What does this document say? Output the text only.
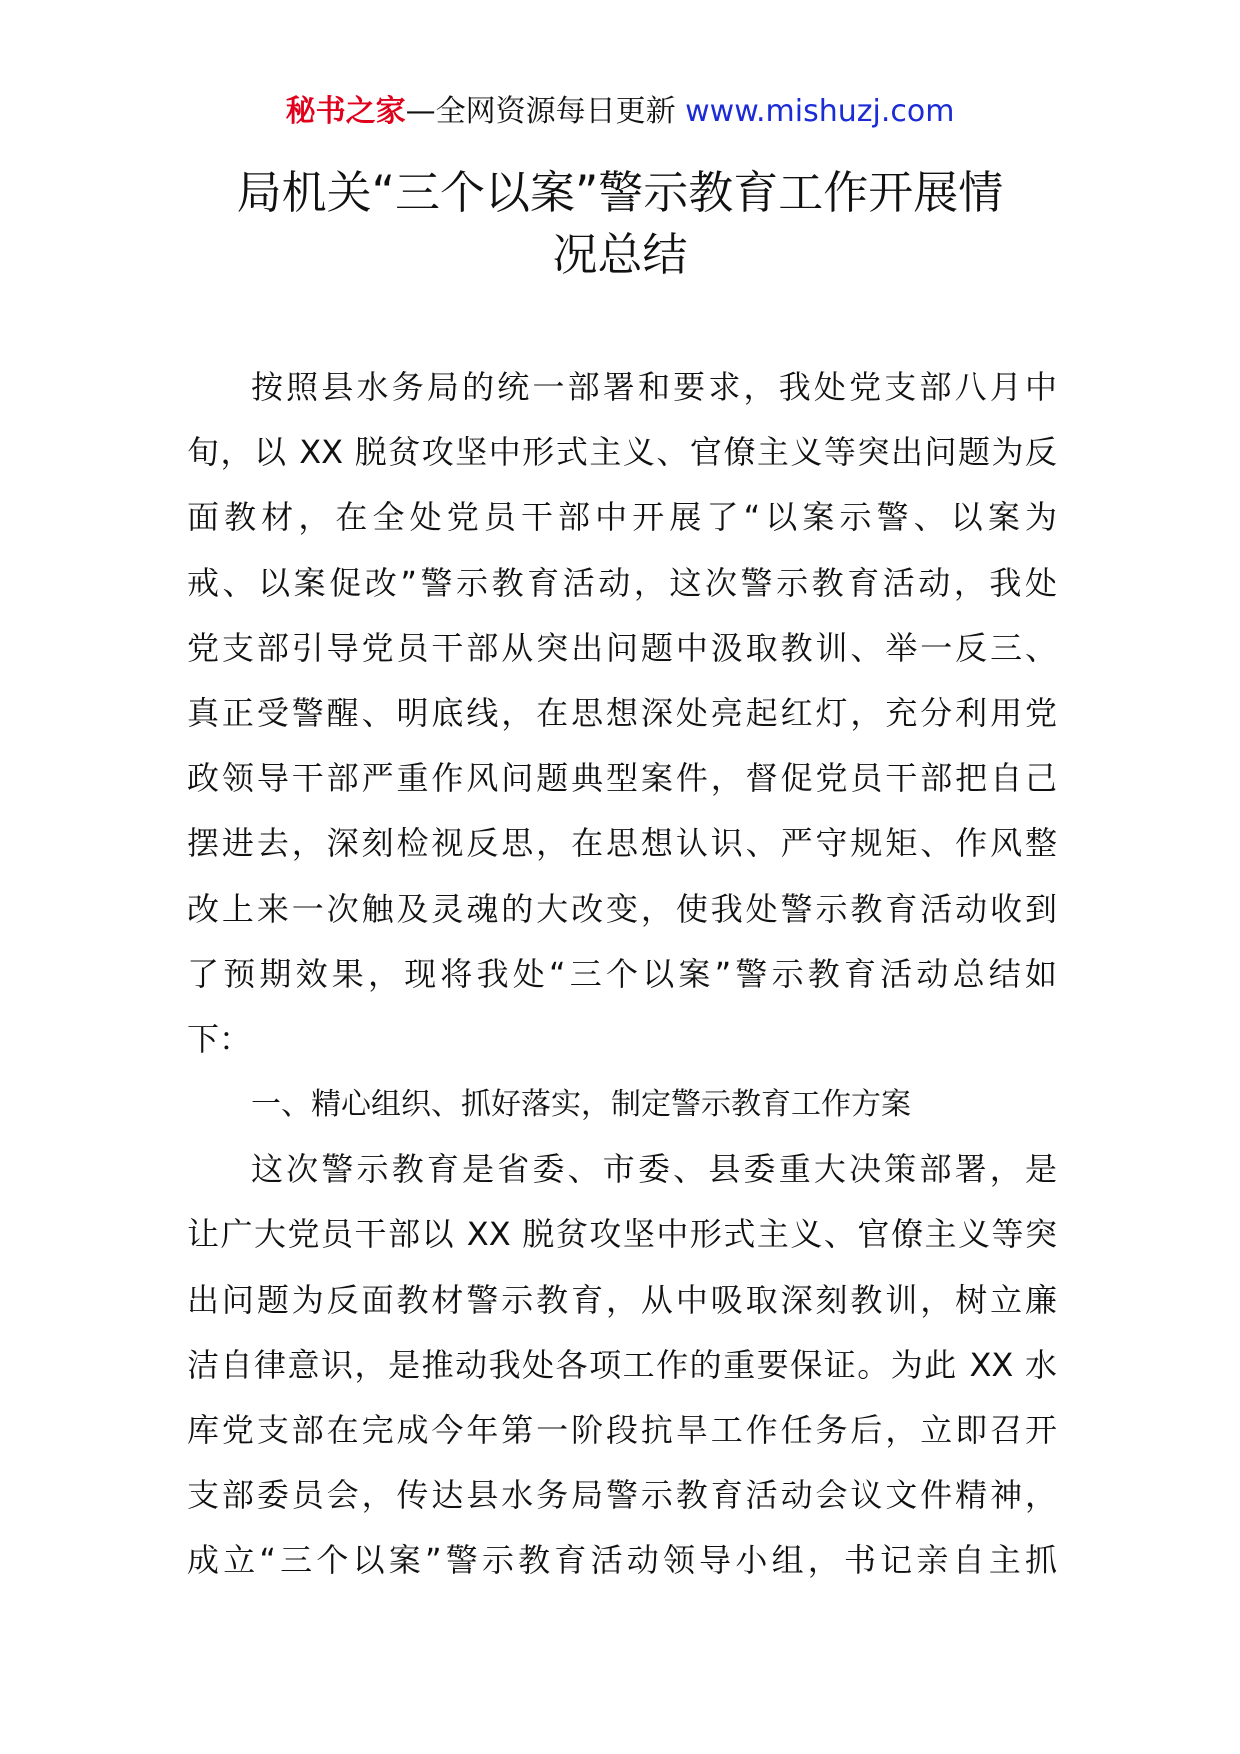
秘书之家—全网资源每日更新 www.mishuzj.com
局机关“三个以案”警示教育工作开展情
况总结
按照县水务局的统一部署和要求，我处党支部八月中
旬，以 XX 脱贫攻坚中形式主义、官僚主义等突出问题为反
面教材，在全处党员干部中开展了“以案示警、以案为
戒、以案促改”警示教育活动，这次警示教育活动，我处
党支部引导党员干部从突出问题中汲取教训、举一反三、
真正受警醒、明底线，在思想深处亮起红灯，充分利用党
政领导干部严重作风问题典型案件，督促党员干部把自己
摆进去，深刻检视反思，在思想认识、严守规矩、作风整
改上来一次触及灵魂的大改变，使我处警示教育活动收到
了预期效果，现将我处“三个以案”警示教育活动总结如
下：
一、精心组织、抓好落实，制定警示教育工作方案
这次警示教育是省委、市委、县委重大决策部署，是
让广大党员干部以 XX 脱贫攻坚中形式主义、官僚主义等突
出问题为反面教材警示教育，从中吸取深刻教训，树立廉
洁自律意识，是推动我处各项工作的重要保证。为此 XX 水
库党支部在完成今年第一阶段抗旱工作任务后，立即召开
支部委员会，传达县水务局警示教育活动会议文件精神，
成立“三个以案”警示教育活动领导小组，书记亲自主抓
